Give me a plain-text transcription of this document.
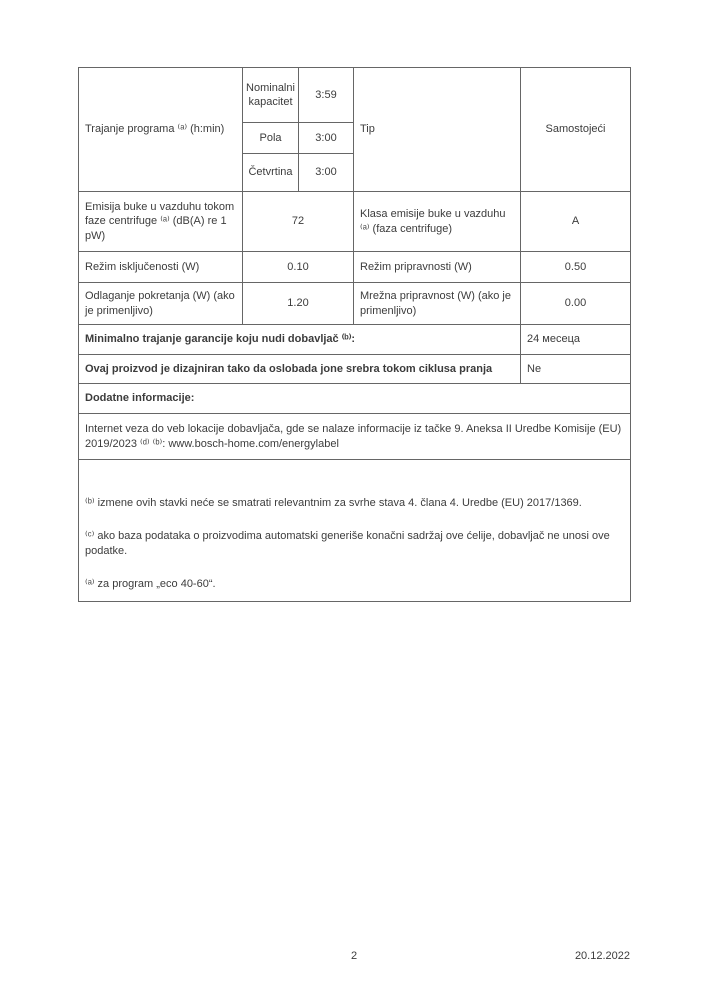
Trajanje programa ⁽ᵃ⁾ (h:min)	Nominalni kapacitet	3:59	Tip	Samostojeći
	Pola	3:00		
	Četvrtina	3:00		
Emisija buke u vazduhu tokom faze centrifuge ⁽ᵃ⁾ (dB(A) re 1 pW)	72		Klasa emisije buke u vazduhu ⁽ᵃ⁾ (faza centrifuge)	A
Režim isključenosti (W)	0.10		Režim pripravnosti (W)	0.50
Odlaganje pokretanja (W) (ako je primenljivo)	1.20		Mrežna pripravnost (W) (ako je primenljivo)	0.00
Minimalno trajanje garancije koju nudi dobavljač ⁽ᵇ⁾:				24 месеца
Ovaj proizvod je dizajniran tako da oslobada jone srebra tokom ciklusa pranja				Ne
Dodatne informacije:				
Internet veza do veb lokacije dobavljača, gde se nalaze informacije iz tačke 9. Aneksa II Uredbe Komisije (EU) 2019/2023 ⁽ᵈ⁾ ⁽ᵇ⁾: www.bosch-home.com/energylabel				

⁽ᵇ⁾ izmene ovih stavki neće se smatrati relevantnim za svrhe stava 4. člana 4. Uredbe (EU) 2017/1369.

⁽ᶜ⁾ ako baza podataka o proizvodima automatski generiše konačni sadržaj ove ćelije, dobavljač ne unosi ove podatke.

⁽ᵃ⁾ za program „eco 40-60“.				

2	20.12.2022
